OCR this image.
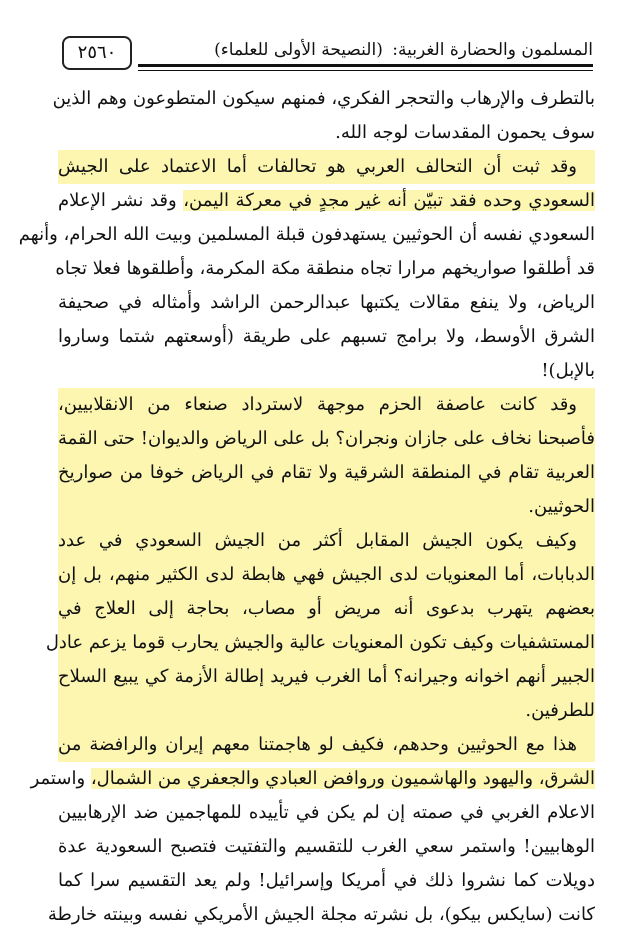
٢٥٦٠	المسلمون والحضارة الغربية: (النصيحة الأولى للعلماء)
بالتطرف والإرهاب والتحجر الفكري، فمنهم سيكون المتطوعون وهم الذين
سوف يحمون المقدسات لوجه الله.
وقد ثبت أن التحالف العربي هو تحالفات أما الاعتماد على الجيش
السعودي وحده فقد تبيّن أنه غير مجدٍ في معركة اليمن، وقد نشر الإعلام
السعودي نفسه أن الحوثيين يستهدفون قبلة المسلمين وبيت الله الحرام، وأنهم
قد أطلقوا صواريخهم مرارا تجاه منطقة مكة المكرمة، وأطلقوها فعلا تجاه
الرياض، ولا ينفع مقالات يكتبها عبدالرحمن الراشد وأمثاله في صحيفة
الشرق الأوسط، ولا برامج تسبهم على طريقة (أوسعتهم شتما وساروا
بالإبل)!
وقد كانت عاصفة الحزم موجهة لاسترداد صنعاء من الانقلابيين،
فأصبحنا نخاف على جازان ونجران؟ بل على الرياض والديوان! حتى القمة
العربية تقام في المنطقة الشرقية ولا تقام في الرياض خوفا من صواريخ
الحوثيين.
وكيف يكون الجيش المقابل أكثر من الجيش السعودي في عدد
الدبابات، أما المعنويات لدى الجيش فهي هابطة لدى الكثير منهم، بل إن
بعضهم يتهرب بدعوى أنه مريض أو مصاب، بحاجة إلى العلاج في
المستشفيات وكيف تكون المعنويات عالية والجيش يحارب قوما يزعم عادل
الجبير أنهم اخوانه وجيرانه؟ أما الغرب فيريد إطالة الأزمة كي يبيع السلاح
للطرفين.
هذا مع الحوثيين وحدهم، فكيف لو هاجمتنا معهم إيران والرافضة من
الشرق، واليهود والهاشميون وروافض العبادي والجعفري من الشمال، واستمر
الاعلام الغربي في صمته إن لم يكن في تأييده للمهاجمين ضد الإرهابيين
الوهابيين! واستمر سعي الغرب للتقسيم والتفتيت فتصبح السعودية عدة
دويلات كما نشروا ذلك في أمريكا وإسرائيل! ولم يعد التقسيم سرا كما
كانت (سايكس بيكو)، بل نشرته مجلة الجيش الأمريكي نفسه وبينته خارطة
